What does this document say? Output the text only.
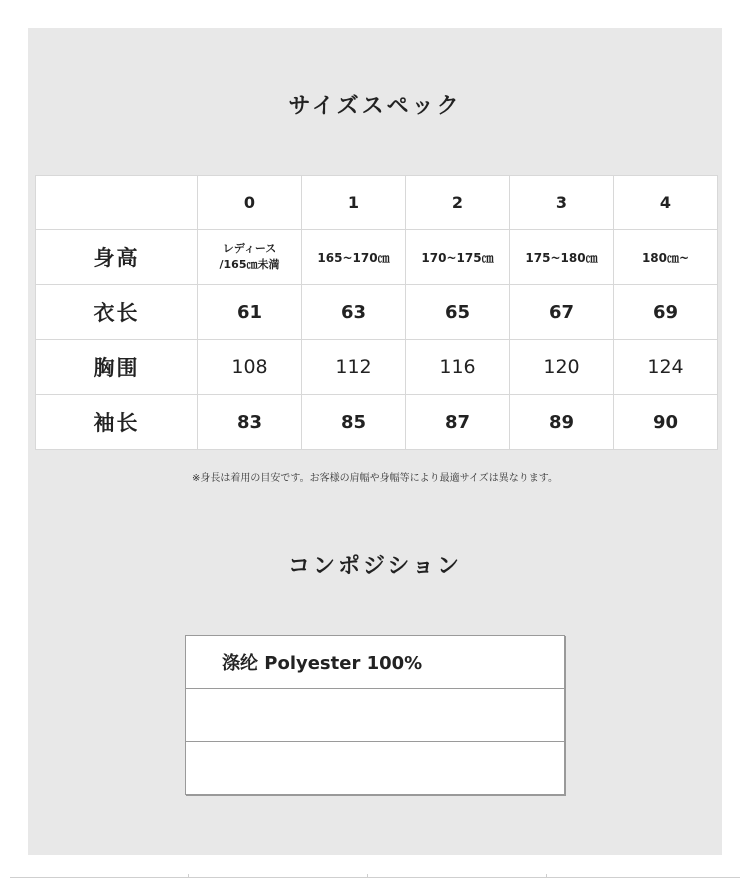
サイズスペック
	0	1	2	3	4
身高	レディース
/165㎝未満	165~170㎝	170~175㎝	175~180㎝	180㎝~
衣长	61	63	65	67	69
胸围	108	112	116	120	124
袖长	83	85	87	89	90
※身長は着用の目安です。お客様の肩幅や身幅等により最適サイズは異なります。
コンポジション
涤纶 Polyester 100%
